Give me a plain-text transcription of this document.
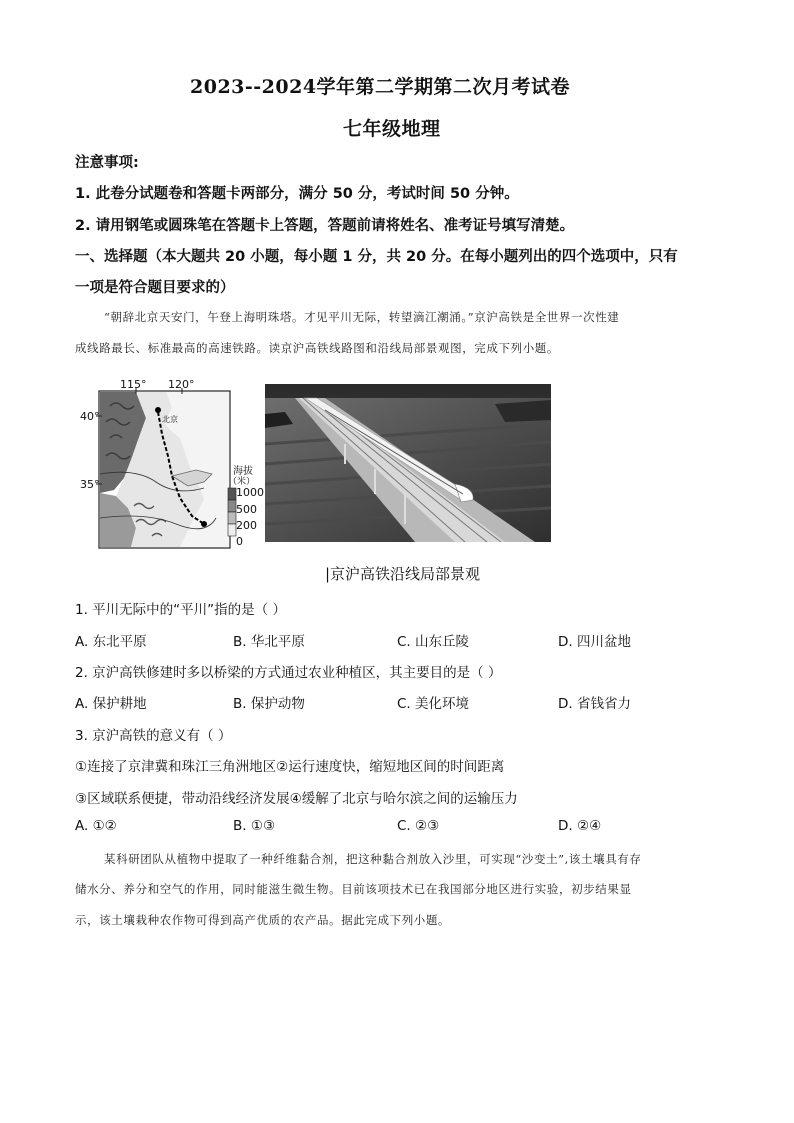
2023--2024学年第二学期第二次月考试卷
七年级地理
注意事项:
1. 此卷分试题卷和答题卡两部分，满分 50 分，考试时间 50 分钟。
2. 请用钢笔或圆珠笔在答题卡上答题，答题前请将姓名、准考证号填写清楚。
一、选择题（本大题共 20 小题，每小题 1 分，共 20 分。在每小题列出的四个选项中，只有
一项是符合题目要求的）
“朝辞北京天安门，午登上海明珠塔。才见平川无际，转望滴江潮涌。”京沪高铁是全世界一次性建
成线路最长、标准最高的高速铁路。读京沪高铁线路图和沿线局部景观图，完成下列小题。
115° 120°
40°
35°
北京
海拔
（米）
1000
500
200
0
|京沪高铁沿线局部景观
1. 平川无际中的“平川”指的是（ ）
A. 东北平原	B. 华北平原	C. 山东丘陵	D. 四川盆地
2. 京沪高铁修建时多以桥梁的方式通过农业种植区，其主要目的是（ ）
A. 保护耕地	B. 保护动物	C. 美化环境	D. 省钱省力
3. 京沪高铁的意义有（ ）
①连接了京津冀和珠江三角洲地区②运行速度快，缩短地区间的时间距离
③区域联系便捷，带动沿线经济发展④缓解了北京与哈尔滨之间的运输压力
A. ①②	B. ①③	C. ②③	D. ②④
某科研团队从植物中提取了一种纤维黏合剂，把这种黏合剂放入沙里，可实现“沙变土”,该土壤具有存
储水分、养分和空气的作用，同时能滋生微生物。目前该项技术已在我国部分地区进行实验，初步结果显
示，该土壤栽种农作物可得到高产优质的农产品。据此完成下列小题。
